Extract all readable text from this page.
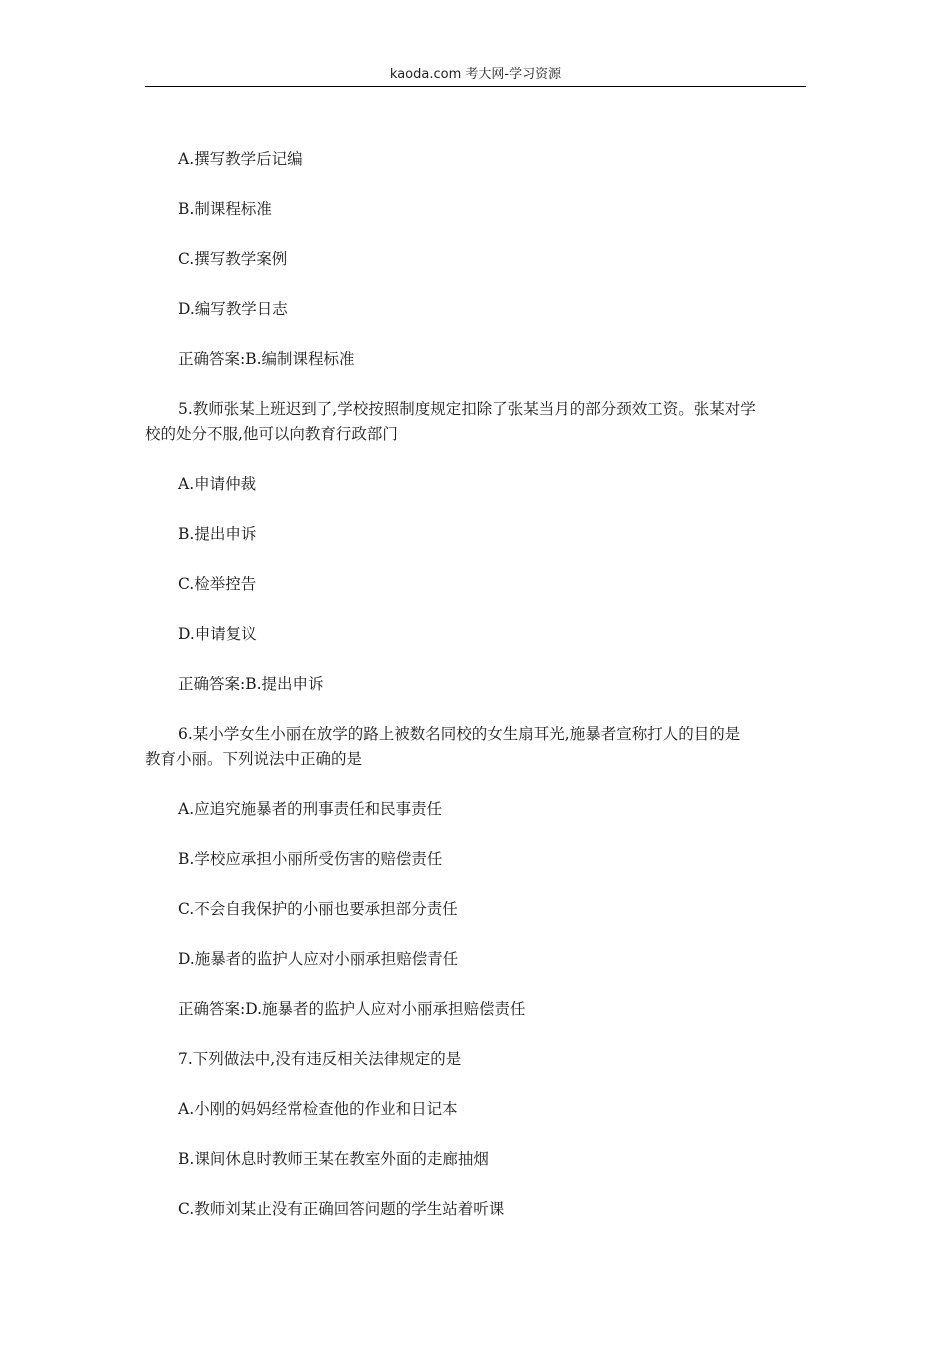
kaoda.com 考大网-学习资源
A.撰写教学后记编
B.制课程标准
C.撰写教学案例
D.编写教学日志
正确答案:B.编制课程标准
5.教师张某上班迟到了,学校按照制度规定扣除了张某当月的部分颈效工资。张某对学
校的处分不服,他可以向教育行政部门
A.申请仲裁
B.提出申诉
C.检举控告
D.申请复议
正确答案:B.提出申诉
6.某小学女生小丽在放学的路上被数名同校的女生扇耳光,施暴者宣称打人的目的是
教育小丽。下列说法中正确的是
A.应追究施暴者的刑事责任和民事责任
B.学校应承担小丽所受伤害的赔偿责任
C.不会自我保护的小丽也要承担部分责任
D.施暴者的监护人应对小丽承担赔偿青任
正确答案:D.施暴者的监护人应对小丽承担赔偿责任
7.下列做法中,没有违反相关法律规定的是
A.小刚的妈妈经常检查他的作业和日记本
B.课间休息时教师王某在教室外面的走廊抽烟
C.教师刘某止没有正确回答问题的学生站着听课
